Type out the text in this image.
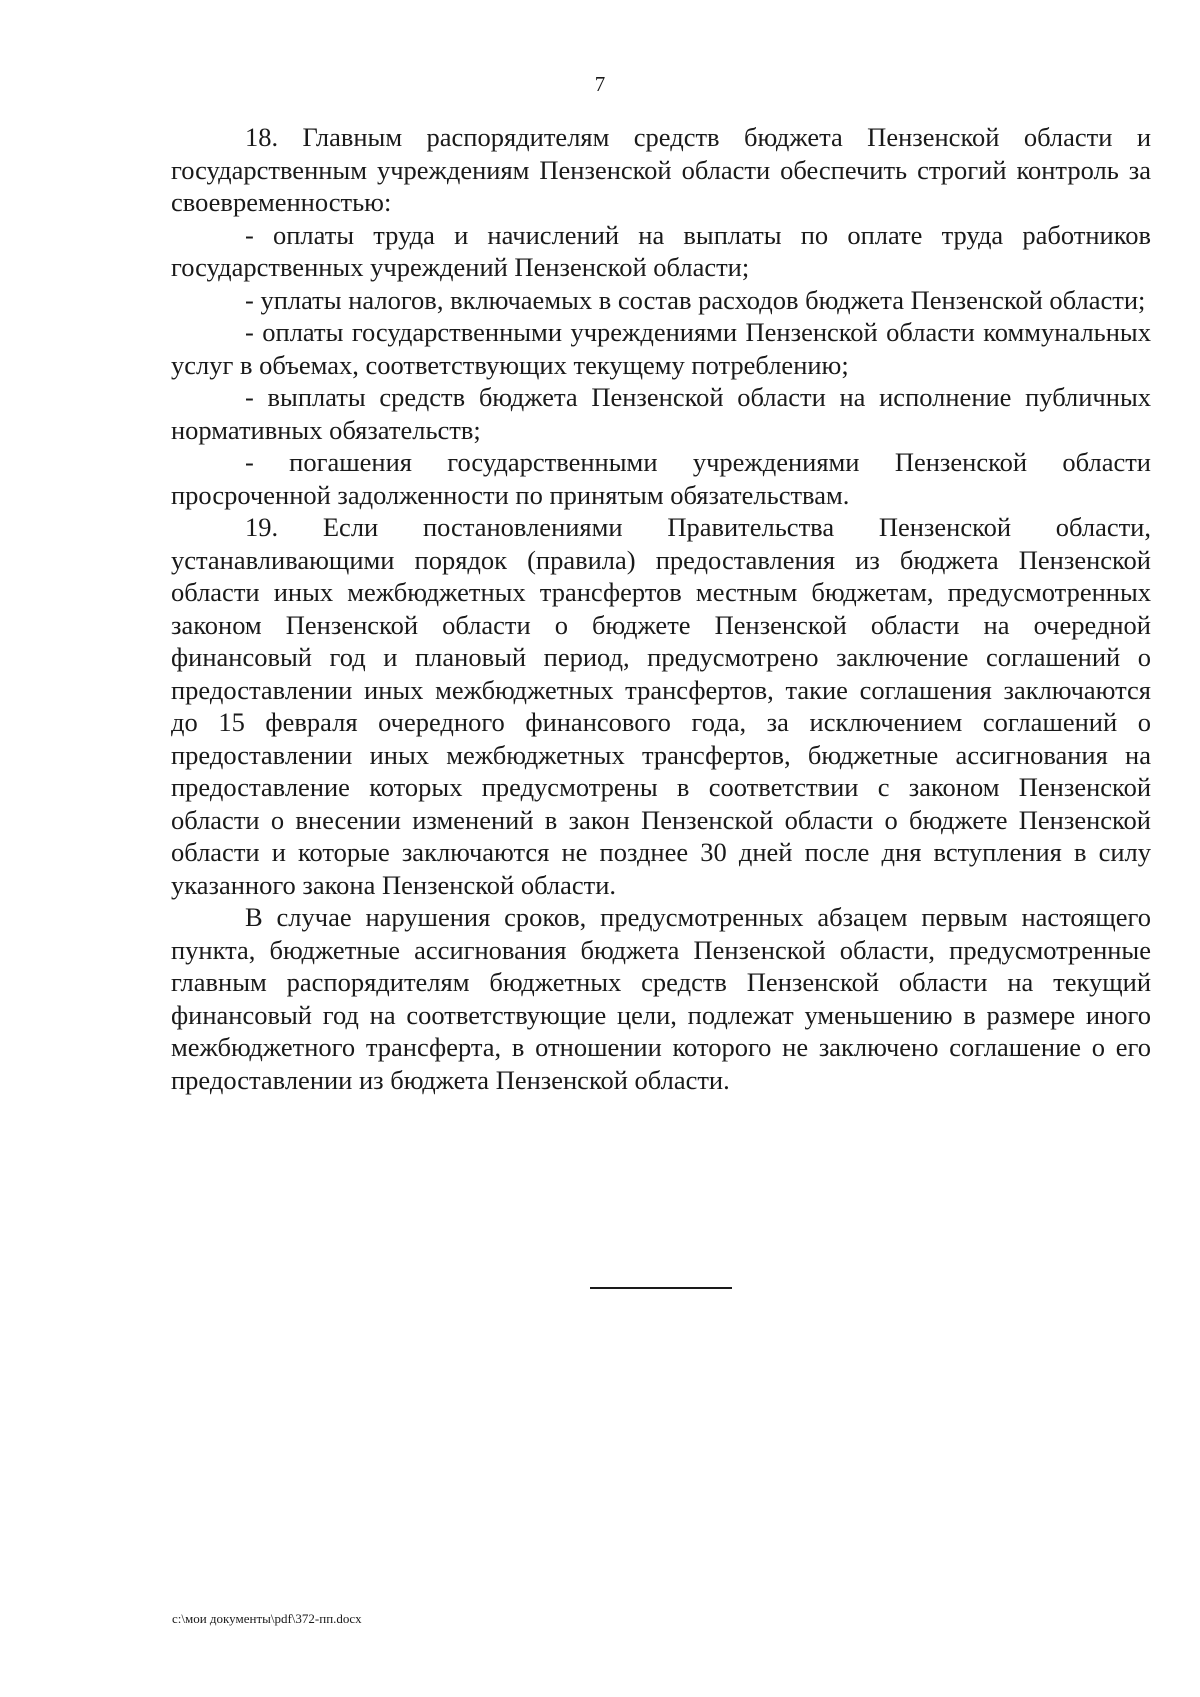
7

18. Главным распорядителям средств бюджета Пензенской области и государственным учреждениям Пензенской области обеспечить строгий контроль за своевременностью:

- оплаты труда и начислений на выплаты по оплате труда работников государственных учреждений Пензенской области;

- уплаты налогов, включаемых в состав расходов бюджета Пензенской области;

- оплаты государственными учреждениями Пензенской области коммунальных услуг в объемах, соответствующих текущему потреблению;

- выплаты средств бюджета Пензенской области на исполнение публичных нормативных обязательств;

- погашения государственными учреждениями Пензенской области просроченной задолженности по принятым обязательствам.

19. Если постановлениями Правительства Пензенской области, устанавливающими порядок (правила) предоставления из бюджета Пензенской области иных межбюджетных трансфертов местным бюджетам, предусмотренных законом Пензенской области о бюджете Пензенской области на очередной финансовый год и плановый период, предусмотрено заключение соглашений о предоставлении иных межбюджетных трансфертов, такие соглашения заключаются до 15 февраля очередного финансового года, за исключением соглашений о предоставлении иных межбюджетных трансфертов, бюджетные ассигнования на предоставление которых предусмотрены в соответствии с законом Пензенской области о внесении изменений в закон Пензенской области о бюджете Пензенской области и которые заключаются не позднее 30 дней после дня вступления в силу указанного закона Пензенской области.

В случае нарушения сроков, предусмотренных абзацем первым настоящего пункта, бюджетные ассигнования бюджета Пензенской области, предусмотренные главным распорядителям бюджетных средств Пензенской области на текущий финансовый год на соответствующие цели, подлежат уменьшению в размере иного межбюджетного трансферта, в отношении которого не заключено соглашение о его предоставлении из бюджета Пензенской области.

c:\мои документы\pdf\372-пп.docx
